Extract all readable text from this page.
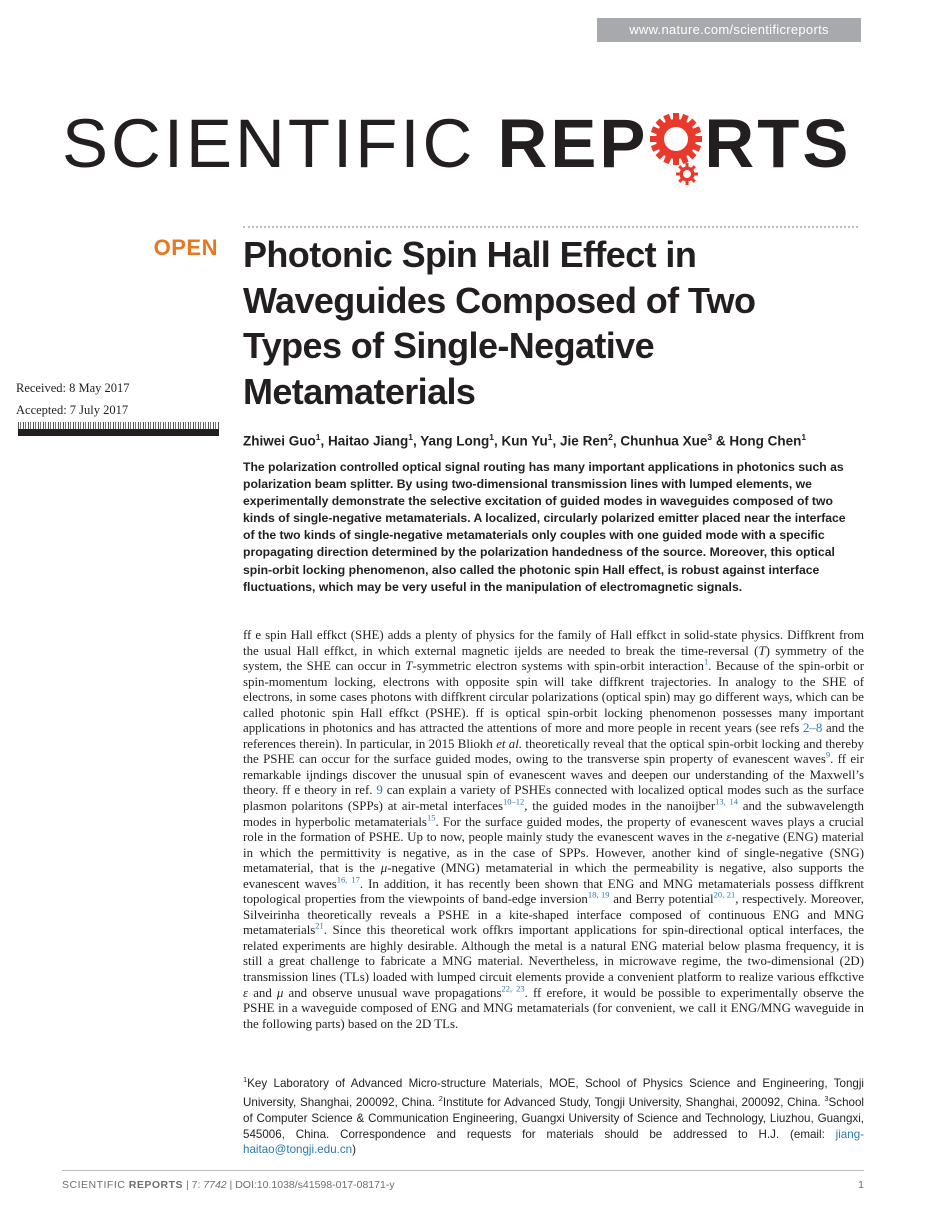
www.nature.com/scientificreports
SCIENTIFIC REP RTS
OPEN
Received: 8 May 2017
Accepted: 7 July 2017
Photonic Spin Hall Effect in Waveguides Composed of Two Types of Single-Negative Metamaterials
Zhiwei Guo$^1$, Haitao Jiang$^1$, Yang Long$^1$, Kun Yu$^1$, Jie Ren$^2$, Chunhua Xue$^3$ & Hong Chen$^1$

The polarization controlled optical signal routing has many important applications in photonics such as polarization beam splitter. By using two-dimensional transmission lines with lumped elements, we experimentally demonstrate the selective excitation of guided modes in waveguides composed of two kinds of single-negative metamaterials. A localized, circularly polarized emitter placed near the interface of the two kinds of single-negative metamaterials only couples with one guided mode with a specific propagating direction determined by the polarization handedness of the source. Moreover, this optical spin-orbit locking phenomenon, also called the photonic spin Hall effect, is robust against interface fluctuations, which may be very useful in the manipulation of electromagnetic signals.

ff e spin Hall effkct (SHE) adds a plenty of physics for the family of Hall effkct in solid-state physics. Diffkrent from the usual Hall effkct, in which external magnetic ijelds are needed to break the time-reversal (T) symmetry of the system, the SHE can occur in T-symmetric electron systems with spin-orbit interaction$^1$. Because of the spin-orbit or spin-momentum locking, electrons with opposite spin will take diffkrent trajectories. In analogy to the SHE of electrons, in some cases photons with diffkrent circular polarizations (optical spin) may go different ways, which can be called photonic spin Hall effkct (PSHE). ff is optical spin-orbit locking phenomenon possesses many important applications in photonics and has attracted the attentions of more and more people in recent years (see refs 2–8 and the references therein). In particular, in 2015 Bliokh et al. theoretically reveal that the optical spin-orbit locking and thereby the PSHE can occur for the surface guided modes, owing to the transverse spin property of evanescent waves$^9$. ff eir remarkable ijndings discover the unusual spin of evanescent waves and deepen our understanding of the Maxwell’s theory. ff e theory in ref. 9 can explain a variety of PSHEs connected with localized optical modes such as the surface plasmon polaritons (SPPs) at air-metal interfaces$^{10-12}$, the guided modes in the nanoijber$^{13, 14}$ and the subwavelength modes in hyperbolic metamaterials$^{15}$. For the surface guided modes, the property of evanescent waves plays a crucial role in the formation of PSHE. Up to now, people mainly study the evanescent waves in the ε-negative (ENG) material in which the permittivity is negative, as in the case of SPPs. However, another kind of single-negative (SNG) metamaterial, that is the μ-negative (MNG) metamaterial in which the permeability is negative, also supports the evanescent waves$^{16, 17}$. In addition, it has recently been shown that ENG and MNG metamaterials possess diffkrent topological properties from the viewpoints of band-edge inversion$^{18, 19}$ and Berry potential$^{20, 21}$, respectively. Moreover, Silveirinha theoretically reveals a PSHE in a kite-shaped interface composed of continuous ENG and MNG metamaterials$^{21}$. Since this theoretical work offkrs important applications for spin-directional optical interfaces, the related experiments are highly desirable. Although the metal is a natural ENG material below plasma frequency, it is still a great challenge to fabricate a MNG material. Nevertheless, in microwave regime, the two-dimensional (2D) transmission lines (TLs) loaded with lumped circuit elements provide a convenient platform to realize various effkctive ε and μ and observe unusual wave propagations$^{22, 23}$. ff erefore, it would be possible to experimentally observe the PSHE in a waveguide composed of ENG and MNG metamaterials (for convenient, we call it ENG/MNG waveguide in the following parts) based on the 2D TLs.
$^1$Key Laboratory of Advanced Micro-structure Materials, MOE, School of Physics Science and Engineering, Tongji University, Shanghai, 200092, China. $^2$Institute for Advanced Study, Tongji University, Shanghai, 200092, China. $^3$School of Computer Science & Communication Engineering, Guangxi University of Science and Technology, Liuzhou, Guangxi, 545006, China. Correspondence and requests for materials should be addressed to H.J. (email: jiang-haitao@tongji.edu.cn)
SCIENTIFIC REPORTS | 7: 7742 | DOI:10.1038/s41598-017-08171-y	1
